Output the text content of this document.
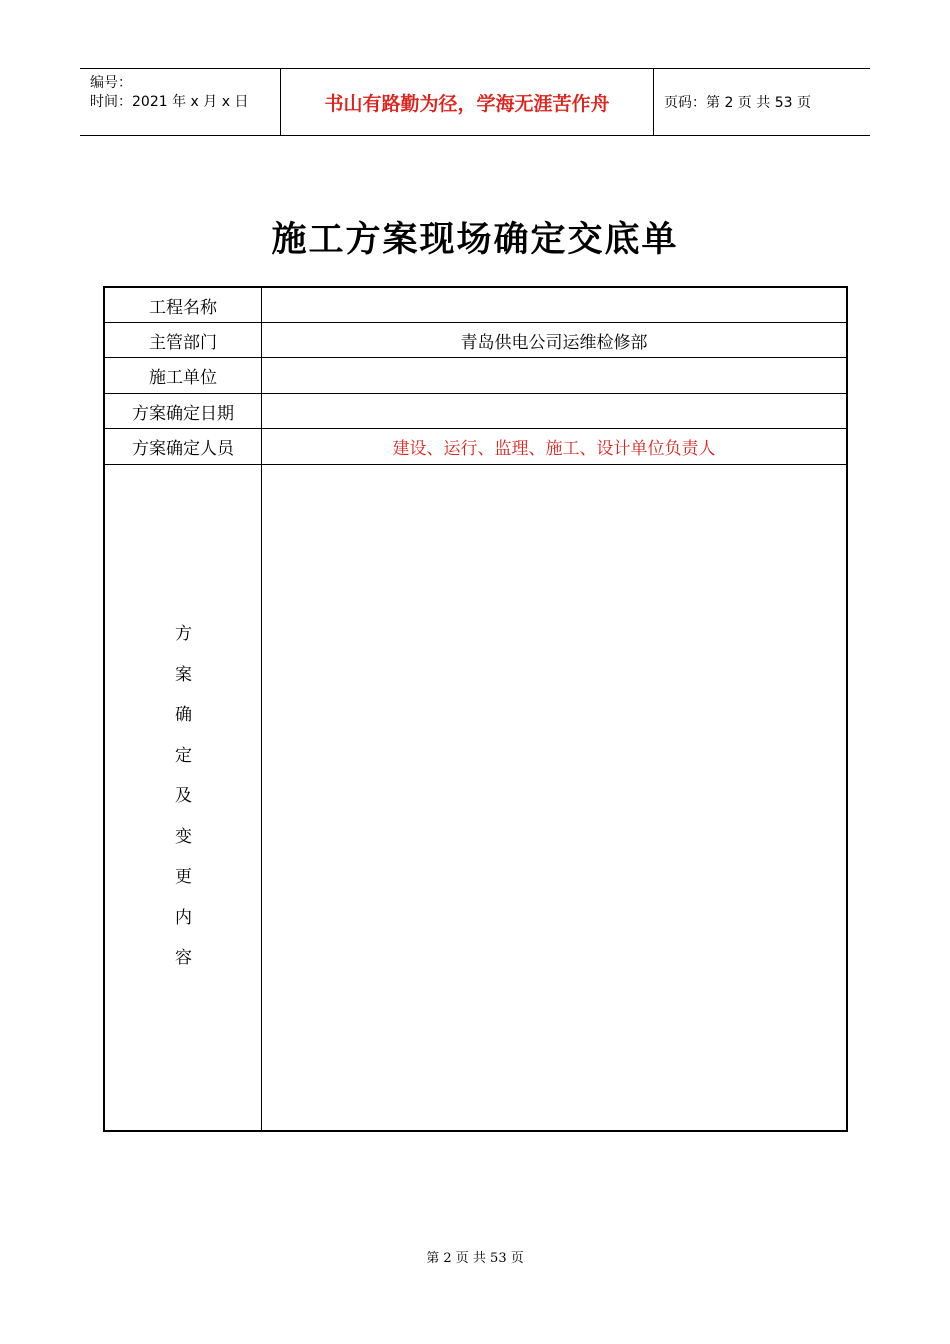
编号：
时间：2021 年 x 月 x 日	书山有路勤为径，学海无涯苦作舟	页码：第 2 页 共 53 页
施工方案现场确定交底单
工程名称
主管部门	青岛供电公司运维检修部
施工单位
方案确定日期
方案确定人员	建设、运行、监理、施工、设计单位负责人
方
案
确
定
及
变
更
内
容
第 2 页 共 53 页
